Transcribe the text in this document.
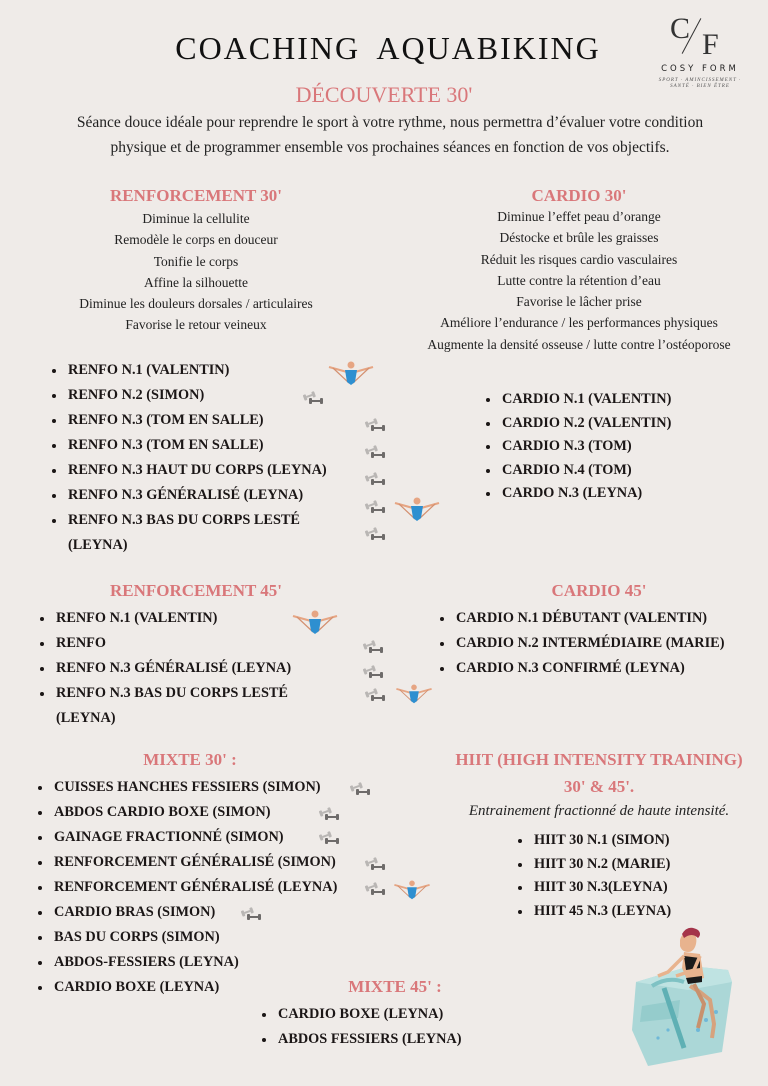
COACHING AQUABIKING
C F
COSY FORM
SPORT · AMINCISSEMENT ·
SANTÉ · BIEN ÊTRE
DÉCOUVERTE 30'
Séance douce idéale pour reprendre le sport à votre rythme, nous permettra d’évaluer votre condition physique et de programmer ensemble vos prochaines séances en fonction de vos objectifs.
RENFORCEMENT 30'
Diminue la cellulite
Remodèle le corps en douceur
Tonifie le corps
Affine la silhouette
Diminue les douleurs dorsales / articulaires
Favorise le retour veineux
CARDIO 30'
Diminue l’effet peau d’orange
Déstocke et brûle les graisses
Réduit les risques cardio vasculaires
Lutte contre la rétention d’eau
Favorise le lâcher prise
Améliore l’endurance / les performances physiques
Augmente la densité osseuse / lutte contre l’ostéoporose
RENFO N.1 (VALENTIN)
RENFO N.2 (SIMON)
RENFO N.3 (TOM EN SALLE)
RENFO N.3 (TOM EN SALLE)
RENFO N.3 HAUT DU CORPS (LEYNA)
RENFO N.3 GÉNÉRALISÉ (LEYNA)
RENFO N.3 BAS DU CORPS LESTÉ (LEYNA)
CARDIO N.1 (VALENTIN)
CARDIO N.2 (VALENTIN)
CARDIO N.3 (TOM)
CARDIO N.4 (TOM)
CARDO N.3 (LEYNA)
RENFORCEMENT 45'
RENFO N.1 (VALENTIN)
RENFO
RENFO N.3 GÉNÉRALISÉ (LEYNA)
RENFO N.3 BAS DU CORPS LESTÉ (LEYNA)
CARDIO 45'
CARDIO N.1 DÉBUTANT (VALENTIN)
CARDIO N.2 INTERMÉDIAIRE (MARIE)
CARDIO N.3 CONFIRMÉ (LEYNA)
MIXTE 30' :
CUISSES HANCHES FESSIERS (SIMON)
ABDOS CARDIO BOXE (SIMON)
GAINAGE FRACTIONNÉ (SIMON)
RENFORCEMENT GÉNÉRALISÉ (SIMON)
RENFORCEMENT GÉNÉRALISÉ (LEYNA)
CARDIO BRAS (SIMON)
BAS DU CORPS (SIMON)
ABDOS-FESSIERS (LEYNA)
CARDIO BOXE (LEYNA)
HIIT (HIGH INTENSITY TRAINING)
30' & 45'.
Entrainement fractionné de haute intensité.
HIIT 30 N.1 (SIMON)
HIIT 30 N.2 (MARIE)
HIIT 30 N.3(LEYNA)
HIIT 45 N.3 (LEYNA)
MIXTE 45' :
CARDIO BOXE (LEYNA)
ABDOS FESSIERS (LEYNA)
